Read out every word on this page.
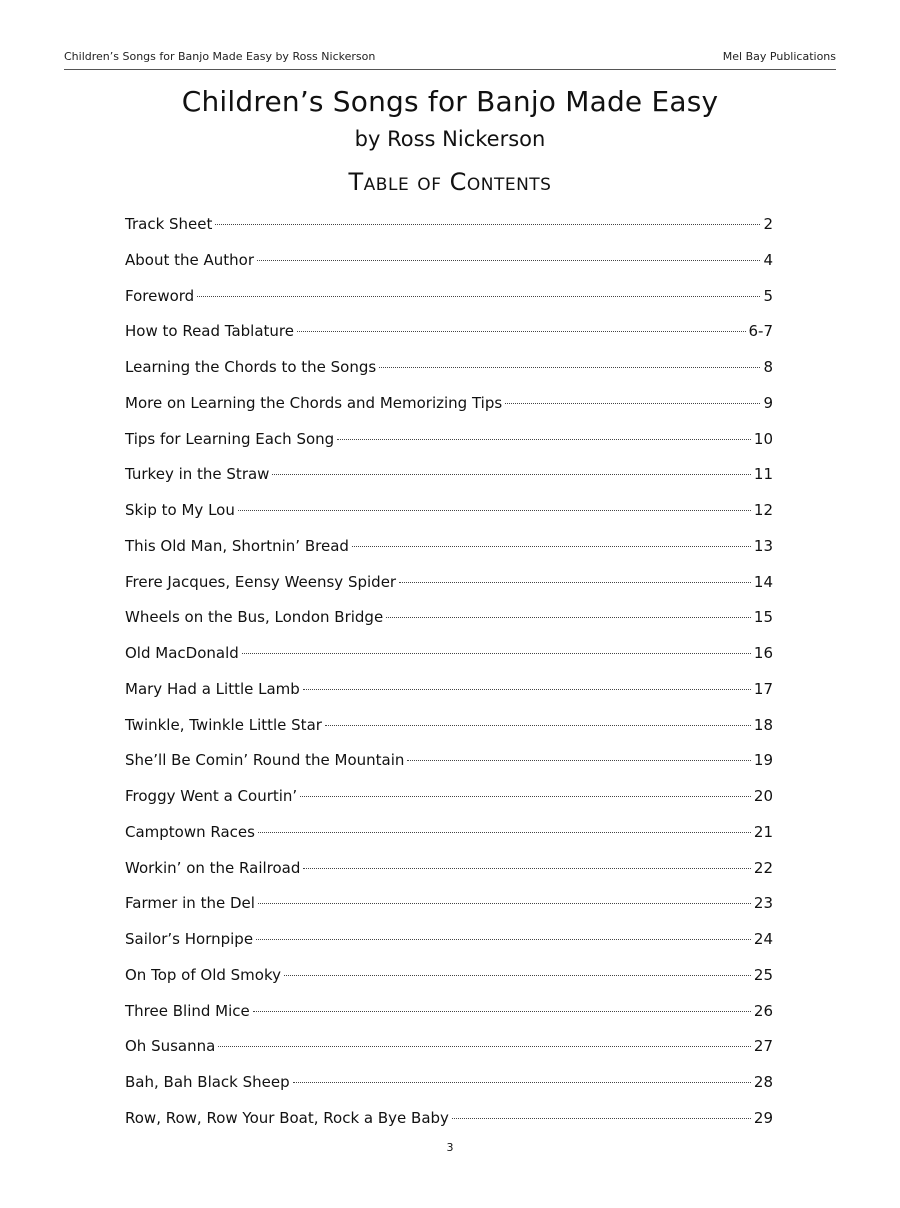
Children’s Songs for Banjo Made Easy by Ross Nickerson	Mel Bay Publications
Children’s Songs for Banjo Made Easy
by Ross Nickerson
Table of Contents
Track Sheet	2
About the Author	4
Foreword	5
How to Read Tablature	6-7
Learning the Chords to the Songs	8
More on Learning the Chords and Memorizing Tips	9
Tips for Learning Each Song	10
Turkey in the Straw	11
Skip to My Lou	12
This Old Man, Shortnin’ Bread	13
Frere Jacques, Eensy Weensy Spider	14
Wheels on the Bus, London Bridge	15
Old MacDonald	16
Mary Had a Little Lamb	17
Twinkle, Twinkle Little Star	18
She’ll Be Comin’ Round the Mountain	19
Froggy Went a Courtin’	20
Camptown Races	21
Workin’ on the Railroad	22
Farmer in the Del	23
Sailor’s Hornpipe	24
On Top of Old Smoky	25
Three Blind Mice	26
Oh Susanna	27
Bah, Bah Black Sheep	28
Row, Row, Row Your Boat, Rock a Bye Baby	29
3
